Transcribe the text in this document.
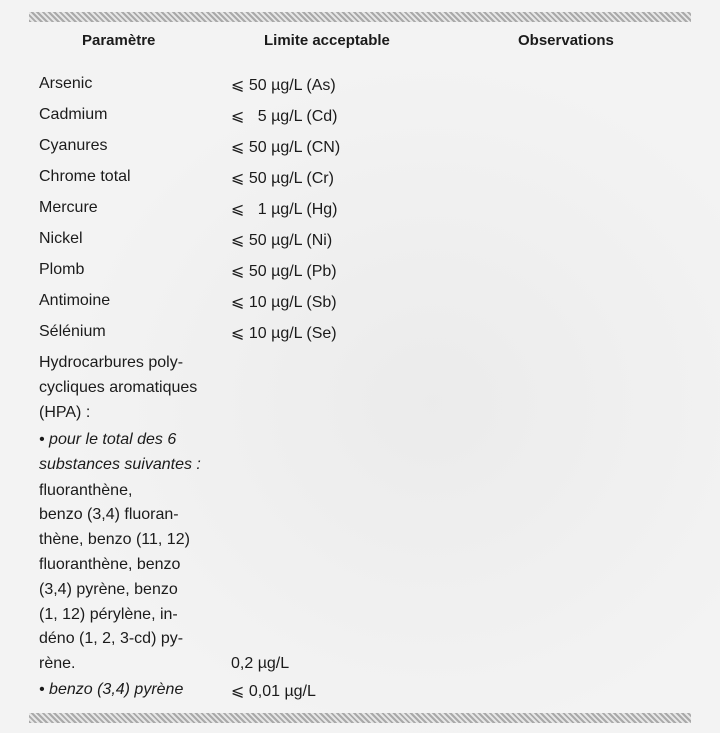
Paramètre	Limite acceptable	Observations
Arsenic	⩽ 50 µg/L (As)
Cadmium	⩽   5 µg/L (Cd)
Cyanures	⩽ 50 µg/L (CN)
Chrome total	⩽ 50 µg/L (Cr)
Mercure	⩽   1 µg/L (Hg)
Nickel	⩽ 50 µg/L (Ni)
Plomb	⩽ 50 µg/L (Pb)
Antimoine	⩽ 10 µg/L (Sb)
Sélénium	⩽ 10 µg/L (Se)
Hydrocarbures poly-
cycliques aromatiques
(HPA) :
• pour le total des 6
substances suivantes :
fluoranthène,
benzo (3,4) fluoran-
thène, benzo (11, 12)
fluoranthène, benzo
(3,4) pyrène, benzo
(1, 12) pérylène, in-
déno (1, 2, 3-cd) py-
rène.	0,2 µg/L
• benzo (3,4) pyrène	⩽ 0,01 µg/L
